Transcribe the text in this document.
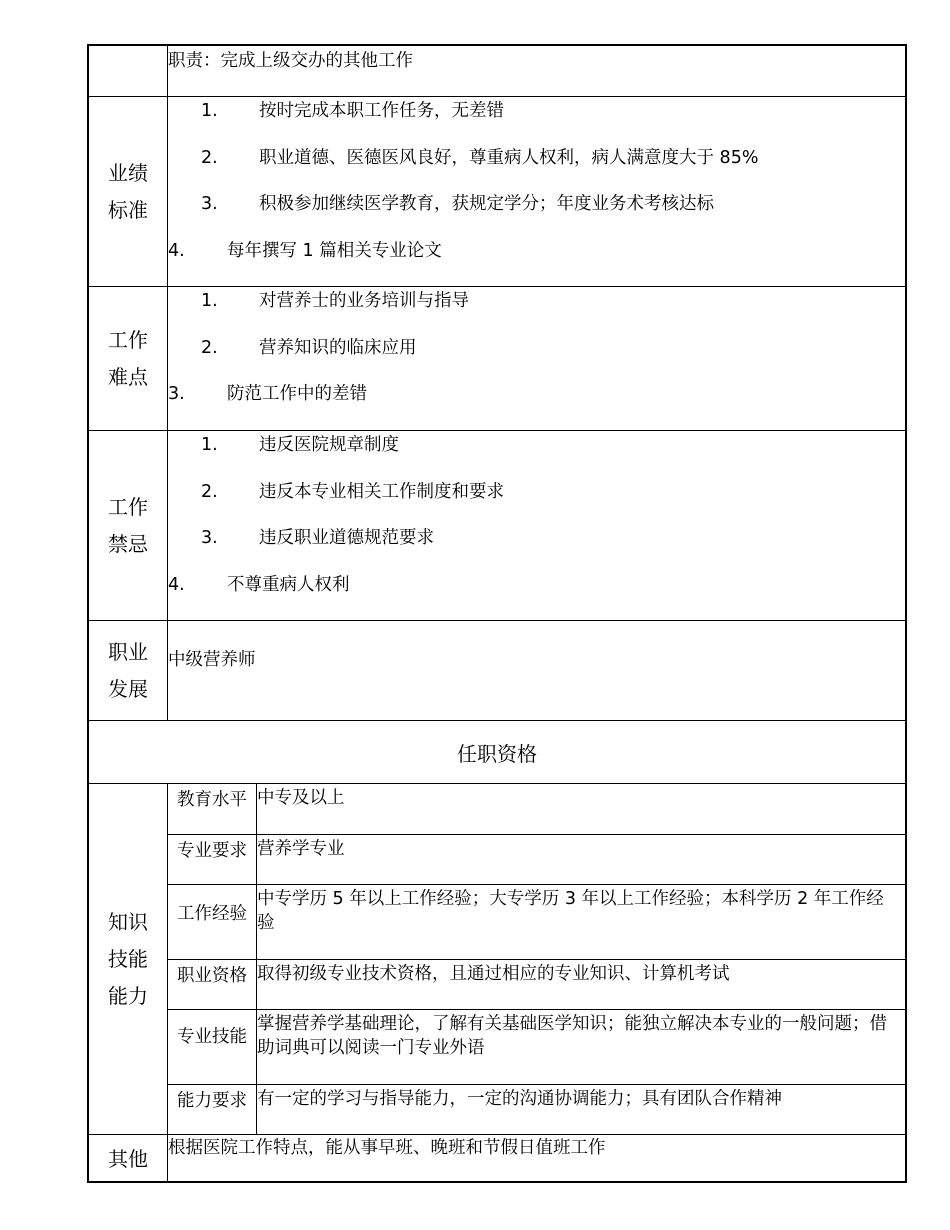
职责：完成上级交办的其他工作
业绩标准
1. 按时完成本职工作任务，无差错
2. 职业道德、医德医风良好，尊重病人权利，病人满意度大于 85%
3. 积极参加继续医学教育，获规定学分；年度业务术考核达标
4. 每年撰写 1 篇相关专业论文
工作难点
1. 对营养士的业务培训与指导
2. 营养知识的临床应用
3. 防范工作中的差错
工作禁忌
1. 违反医院规章制度
2. 违反本专业相关工作制度和要求
3. 违反职业道德规范要求
4. 不尊重病人权利
职业发展
中级营养师
任职资格
知识技能能力
教育水平 中专及以上
专业要求 营养学专业
工作经验
中专学历 5 年以上工作经验；大专学历 3 年以上工作经验；本科学历 2 年工作经验
职业资格 取得初级专业技术资格，且通过相应的专业知识、计算机考试
专业技能
掌握营养学基础理论，了解有关基础医学知识；能独立解决本专业的一般问题；借助词典可以阅读一门专业外语
能力要求 有一定的学习与指导能力，一定的沟通协调能力；具有团队合作精神
其他	根据医院工作特点，能从事早班、晚班和节假日值班工作
